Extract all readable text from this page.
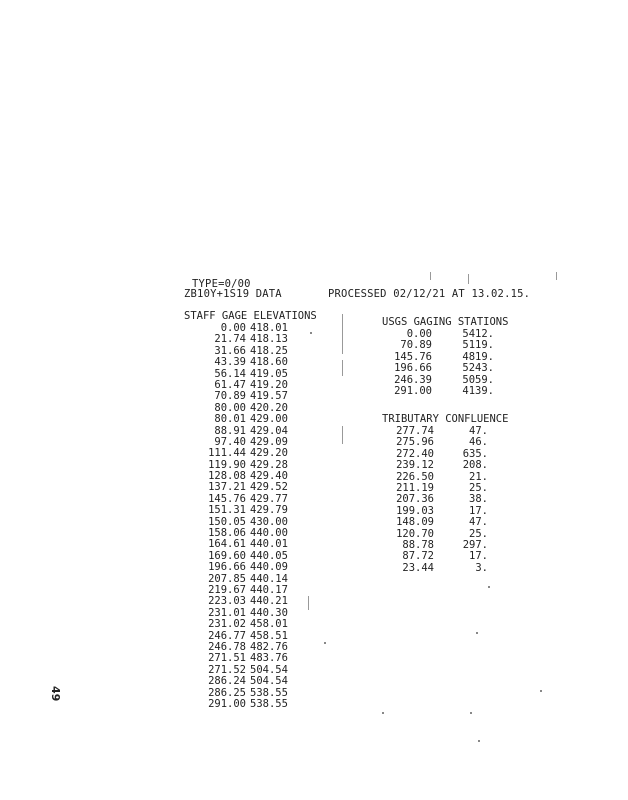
TYPE=0/00
ZB10Y+1S19 DATA	PROCESSED 02/12/21 AT 13.02.15.
STAFF GAGE ELEVATIONS
0.00 418.01
21.74 418.13
31.66 418.25
43.39 418.60
56.14 419.05
61.47 419.20
70.89 419.57
80.00 420.20
80.01 429.00
88.91 429.04
97.40 429.09
111.44 429.20
119.90 429.28
128.08 429.40
137.21 429.52
145.76 429.77
151.31 429.79
150.05 430.00
158.06 440.00
164.61 440.01
169.60 440.05
196.66 440.09
207.85 440.14
219.67 440.17
223.03 440.21
231.01 440.30
231.02 458.01
246.77 458.51
246.78 482.76
271.51 483.76
271.52 504.54
286.24 504.54
286.25 538.55
291.00 538.55
USGS GAGING STATIONS
0.00	5412.
70.89	5119.
145.76	4819.
196.66	5243.
246.39	5059.
291.00	4139.
TRIBUTARY CONFLUENCE
277.74	47.
275.96	46.
272.40	635.
239.12	208.
226.50	21.
211.19	25.
207.36	38.
199.03	17.
148.09	47.
120.70	25.
88.78	297.
87.72	17.
23.44	3.
49
